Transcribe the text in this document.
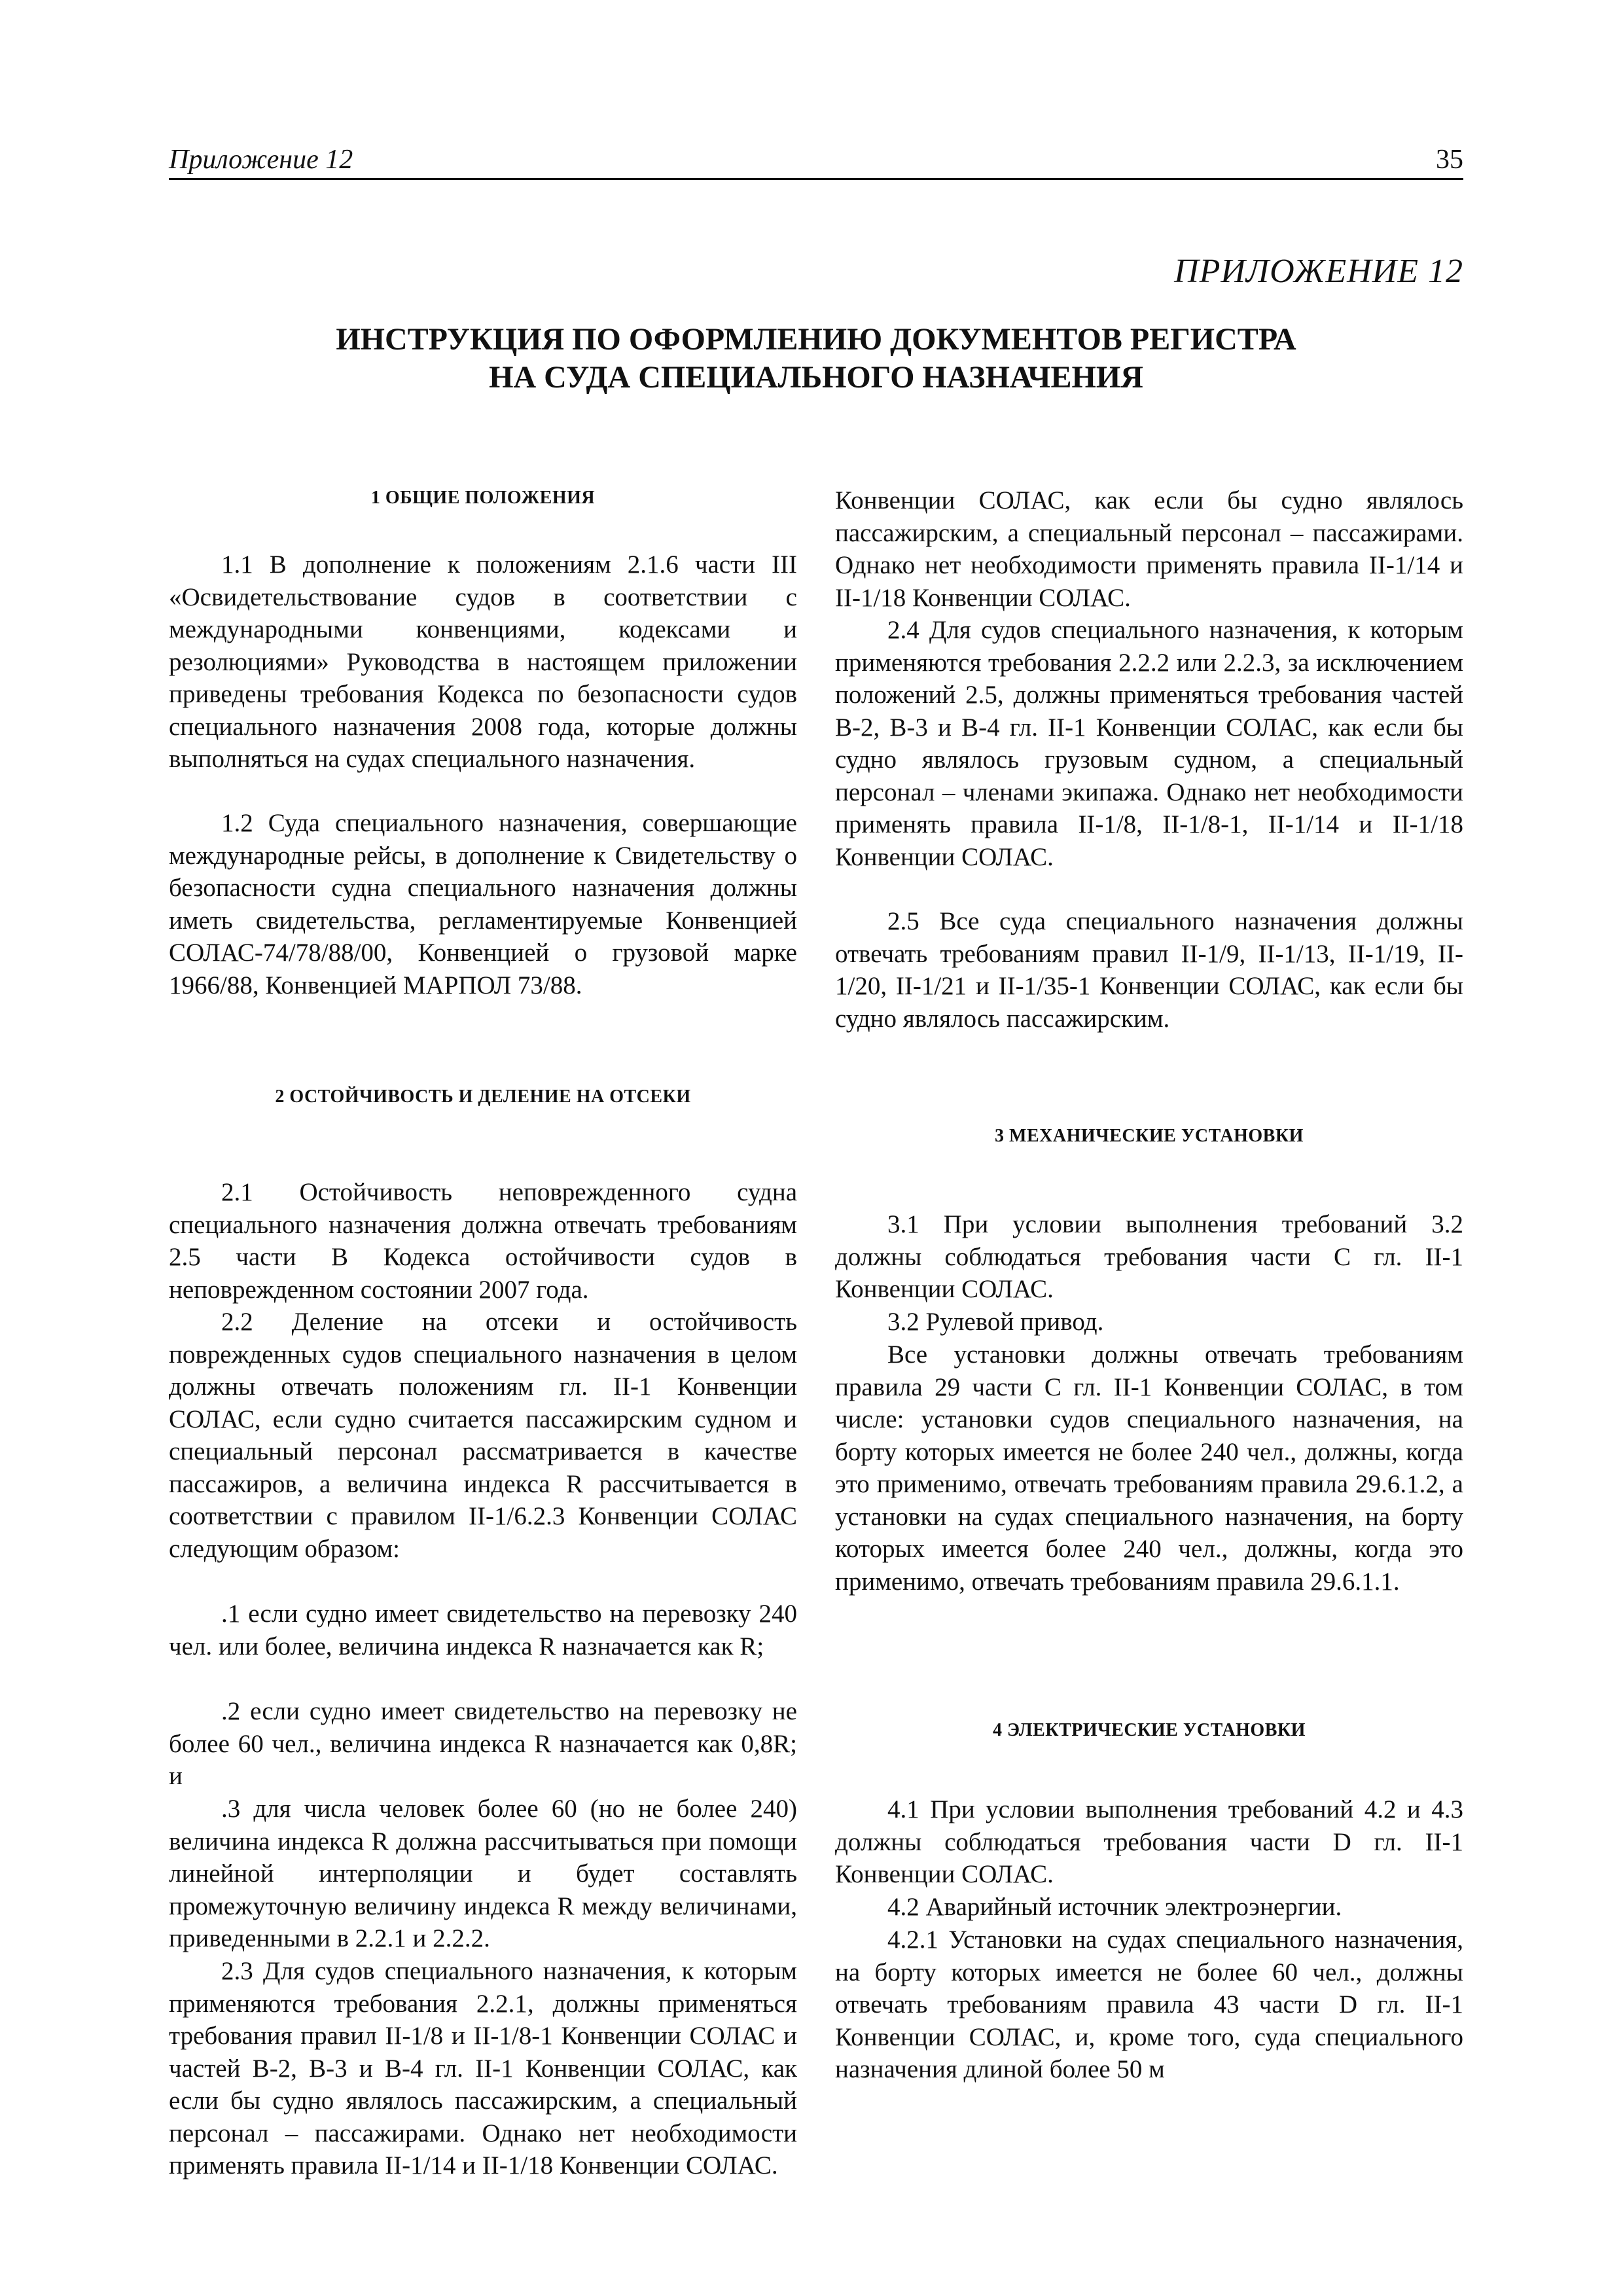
Приложение 12	35
ПРИЛОЖЕНИЕ 12
ИНСТРУКЦИЯ ПО ОФОРМЛЕНИЮ ДОКУМЕНТОВ РЕГИСТРА
НА СУДА СПЕЦИАЛЬНОГО НАЗНАЧЕНИЯ
1 ОБЩИЕ ПОЛОЖЕНИЯ
1.1 В дополнение к положениям 2.1.6 части III «Освидетельствование судов в соответствии с международными конвенциями, кодексами и резолюциями» Руководства в настоящем приложении приведены требования Кодекса по безопасности судов специального назначения 2008 года, которые должны выполняться на судах специального назначения.
1.2 Суда специального назначения, совершающие международные рейсы, в дополнение к Свидетельству о безопасности судна специального назначения должны иметь свидетельства, регламентируемые Конвенцией СОЛАС-74/78/88/00, Конвенцией о грузовой марке 1966/88, Конвенцией МАРПОЛ 73/88.
2 ОСТОЙЧИВОСТЬ И ДЕЛЕНИЕ НА ОТСЕКИ
2.1 Остойчивость неповрежденного судна специального назначения должна отвечать требованиям 2.5 части В Кодекса остойчивости судов в неповрежденном состоянии 2007 года.
2.2 Деление на отсеки и остойчивость поврежденных судов специального назначения в целом должны отвечать положениям гл. II-1 Конвенции СОЛАС, если судно считается пассажирским судном и специальный персонал рассматривается в качестве пассажиров, а величина индекса R рассчитывается в соответствии с правилом II-1/6.2.3 Конвенции СОЛАС следующим образом:
.1 если судно имеет свидетельство на перевозку 240 чел. или более, величина индекса R назначается как R;
.2 если судно имеет свидетельство на перевозку не более 60 чел., величина индекса R назначается как 0,8R; и
.3 для числа человек более 60 (но не более 240) величина индекса R должна рассчитываться при помощи линейной интерполяции и будет составлять промежуточную величину индекса R между величинами, приведенными в 2.2.1 и 2.2.2.
2.3 Для судов специального назначения, к которым применяются требования 2.2.1, должны применяться требования правил II-1/8 и II-1/8-1 Конвенции СОЛАС и частей В-2, В-3 и В-4 гл. II-1 Конвенции СОЛАС, как если бы судно являлось пассажирским, а специальный персонал – пассажирами. Однако нет необходимости применять правила II-1/14 и II-1/18 Конвенции СОЛАС.
Конвенции СОЛАС, как если бы судно являлось пассажирским, а специальный персонал – пассажирами. Однако нет необходимости применять правила II-1/14 и II-1/18 Конвенции СОЛАС.
2.4 Для судов специального назначения, к которым применяются требования 2.2.2 или 2.2.3, за исключением положений 2.5, должны применяться требования частей В-2, В-3 и В-4 гл. II-1 Конвенции СОЛАС, как если бы судно являлось грузовым судном, а специальный персонал – членами экипажа. Однако нет необходимости применять правила II-1/8, II-1/8-1, II-1/14 и II-1/18 Конвенции СОЛАС.
2.5 Все суда специального назначения должны отвечать требованиям правил II-1/9, II-1/13, II-1/19, II-1/20, II-1/21 и II-1/35-1 Конвенции СОЛАС, как если бы судно являлось пассажирским.
3 МЕХАНИЧЕСКИЕ УСТАНОВКИ
3.1 При условии выполнения требований 3.2 должны соблюдаться требования части С гл. II-1 Конвенции СОЛАС.
3.2 Рулевой привод.
Все установки должны отвечать требованиям правила 29 части С гл. II-1 Конвенции СОЛАС, в том числе: установки судов специального назначения, на борту которых имеется не более 240 чел., должны, когда это применимо, отвечать требованиям правила 29.6.1.2, а установки на судах специального назначения, на борту которых имеется более 240 чел., должны, когда это применимо, отвечать требованиям правила 29.6.1.1.
4 ЭЛЕКТРИЧЕСКИЕ УСТАНОВКИ
4.1 При условии выполнения требований 4.2 и 4.3 должны соблюдаться требования части D гл. II-1 Конвенции СОЛАС.
4.2 Аварийный источник электроэнергии.
4.2.1 Установки на судах специального назначения, на борту которых имеется не более 60 чел., должны отвечать требованиям правила 43 части D гл. II-1 Конвенции СОЛАС, и, кроме того, суда специального назначения длиной более 50 м
